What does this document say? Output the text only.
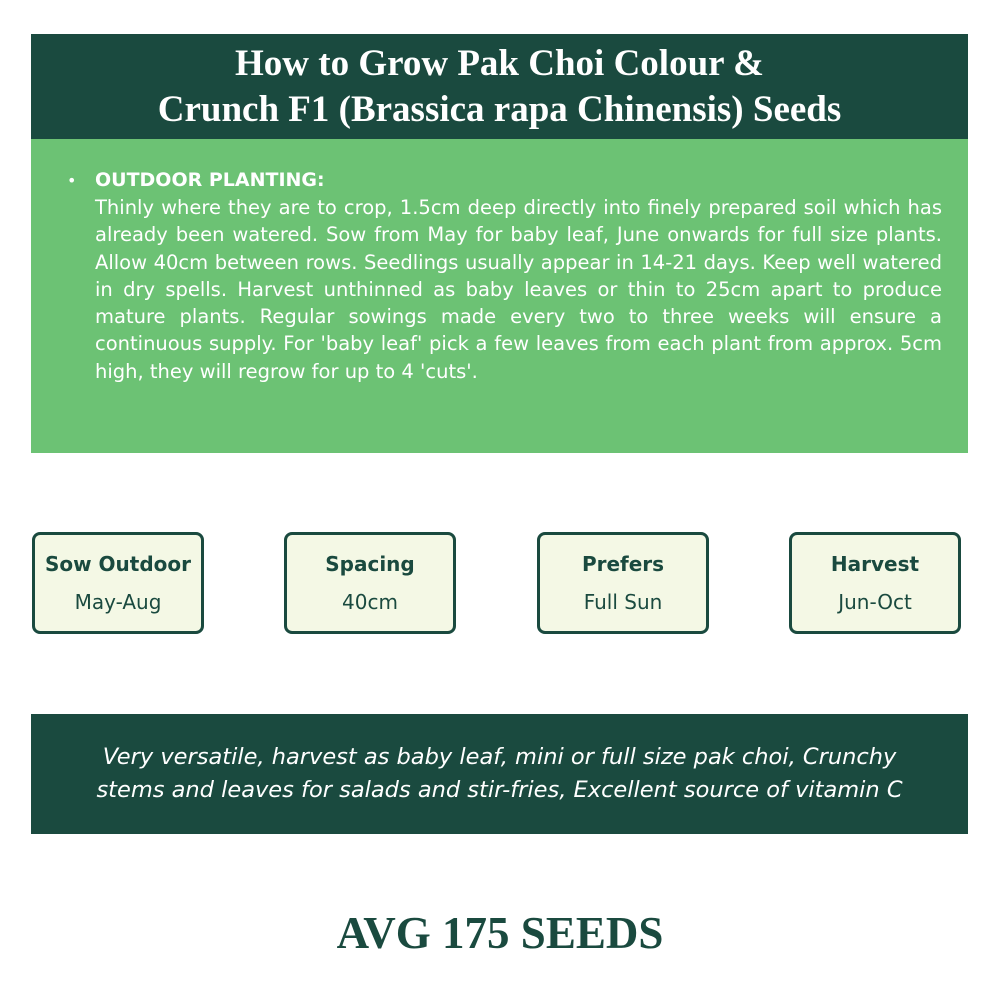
How to Grow Pak Choi Colour &
Crunch F1 (Brassica rapa Chinensis) Seeds
• OUTDOOR PLANTING:

Thinly where they are to crop, 1.5cm deep directly into finely prepared soil which has already been watered. Sow from May for baby leaf, June onwards for full size plants. Allow 40cm between rows. Seedlings usually appear in 14-21 days. Keep well watered in dry spells. Harvest unthinned as baby leaves or thin to 25cm apart to produce mature plants. Regular sowings made every two to three weeks will ensure a continuous supply. For 'baby leaf' pick a few leaves from each plant from approx. 5cm high, they will regrow for up to 4 'cuts'.

Sow Outdoor
May-Aug
Spacing
40cm
Prefers
Full Sun
Harvest
Jun-Oct
Very versatile, harvest as baby leaf, mini or full size pak choi, Crunchy stems and leaves for salads and stir-fries, Excellent source of vitamin C
AVG 175 SEEDS
